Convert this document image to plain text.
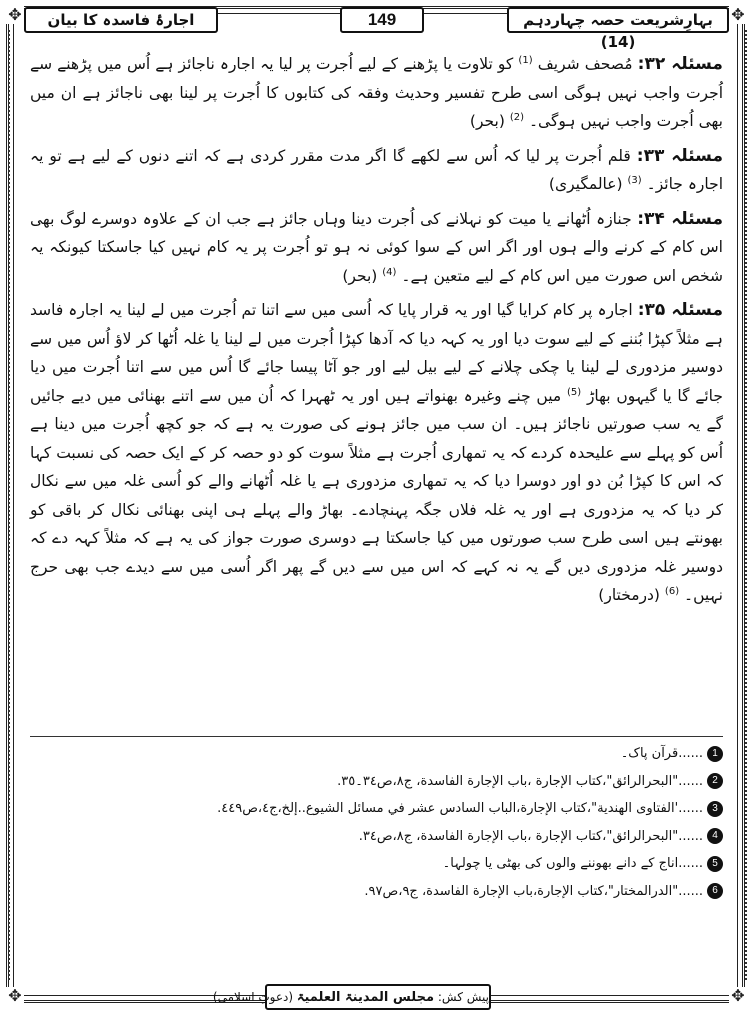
✥	✥
✥	✥
بہارِشریعت حصہ چہاردہم (14)
149
اجارۂ فاسدہ کا بیان

مسئلہ ۳۲: مُصحف شریف $^{(1)}$ کو تلاوت یا پڑھنے کے لیے اُجرت پر لیا یہ اجارہ ناجائز ہے اُس میں پڑھنے سے اُجرت واجب نہیں ہوگی اسی طرح تفسیر وحدیث وفقہ کی کتابوں کا اُجرت پر لینا بھی ناجائز ہے ان میں بھی اُجرت واجب نہیں ہوگی۔ $^{(2)}$ (بحر)

مسئلہ ۳۳: قلم اُجرت پر لیا کہ اُس سے لکھے گا اگر مدت مقرر کردی ہے کہ اتنے دنوں کے لیے ہے تو یہ اجارہ جائز۔ $^{(3)}$ (عالمگیری)

مسئلہ ۳۴: جنازہ اُٹھانے یا میت کو نہلانے کی اُجرت دینا وہاں جائز ہے جب ان کے علاوہ دوسرے لوگ بھی اس کام کے کرنے والے ہوں اور اگر اس کے سوا کوئی نہ ہو تو اُجرت پر یہ کام نہیں کیا جاسکتا کیونکہ یہ شخص اس صورت میں اس کام کے لیے متعین ہے۔ $^{(4)}$ (بحر)

مسئلہ ۳۵: اجارہ پر کام کرایا گیا اور یہ قرار پایا کہ اُسی میں سے اتنا تم اُجرت میں لے لینا یہ اجارہ فاسد ہے مثلاً کپڑا بُننے کے لیے سوت دیا اور یہ کہہ دیا کہ آدھا کپڑا اُجرت میں لے لینا یا غلہ اُٹھا کر لاؤ اُس میں سے دوسیر مزدوری لے لینا یا چکی چلانے کے لیے بیل لیے اور جو آٹا پیسا جائے گا اُس میں سے اتنا اُجرت میں دیا جائے گا یا گیہوں بھاڑ $^{(5)}$ میں چنے وغیرہ بھنواتے ہیں اور یہ ٹھہرا کہ اُن میں سے اتنے بھنائی میں دیے جائیں گے یہ سب صورتیں ناجائز ہیں۔ ان سب میں جائز ہونے کی صورت یہ ہے کہ جو کچھ اُجرت میں دینا ہے اُس کو پہلے سے علیحدہ کردے کہ یہ تمھاری اُجرت ہے مثلاً سوت کو دو حصہ کر کے ایک حصہ کی نسبت کہا کہ اس کا کپڑا بُن دو اور دوسرا دیا کہ یہ تمھاری مزدوری ہے یا غلہ اُٹھانے والے کو اُسی غلہ میں سے نکال کر دیا کہ یہ مزدوری ہے اور یہ غلہ فلاں جگہ پہنچادے۔ بھاڑ والے پہلے ہی اپنی بھنائی نکال کر باقی کو بھونتے ہیں اسی طرح سب صورتوں میں کیا جاسکتا ہے دوسری صورت جواز کی یہ ہے کہ مثلاً کہہ دے کہ دوسیر غلہ مزدوری دیں گے یہ نہ کہے کہ اس میں سے دیں گے پھر اگر اُسی میں سے دیدے جب بھی حرج نہیں۔ $^{(6)}$ (درمختار)

1......قرآن پاک۔
2......"البحرالرائق"،كتاب الإجارة ،باب الإجارة الفاسدة، ج٨،ص٣٤۔٣٥.
3......'الفتاوى الهندية"،كتاب الإجارة،الباب السادس عشر في مسائل الشيوع..إلخ،ج٤،ص٤٤٩.
4......"البحرالرائق"،كتاب الإجارة ،باب الإجارة الفاسدة، ج٨،ص٣٤.
5......اناج کے دانے بھوننے والوں کی بھٹی یا چولہا۔
6......"الدرالمختار"،كتاب الإجارة،باب الإجارة الفاسدة، ج٩،ص٩٧.
پیش کش: مجلس المدینۃ العلمیۃ (دعوتِ اسلامی)
